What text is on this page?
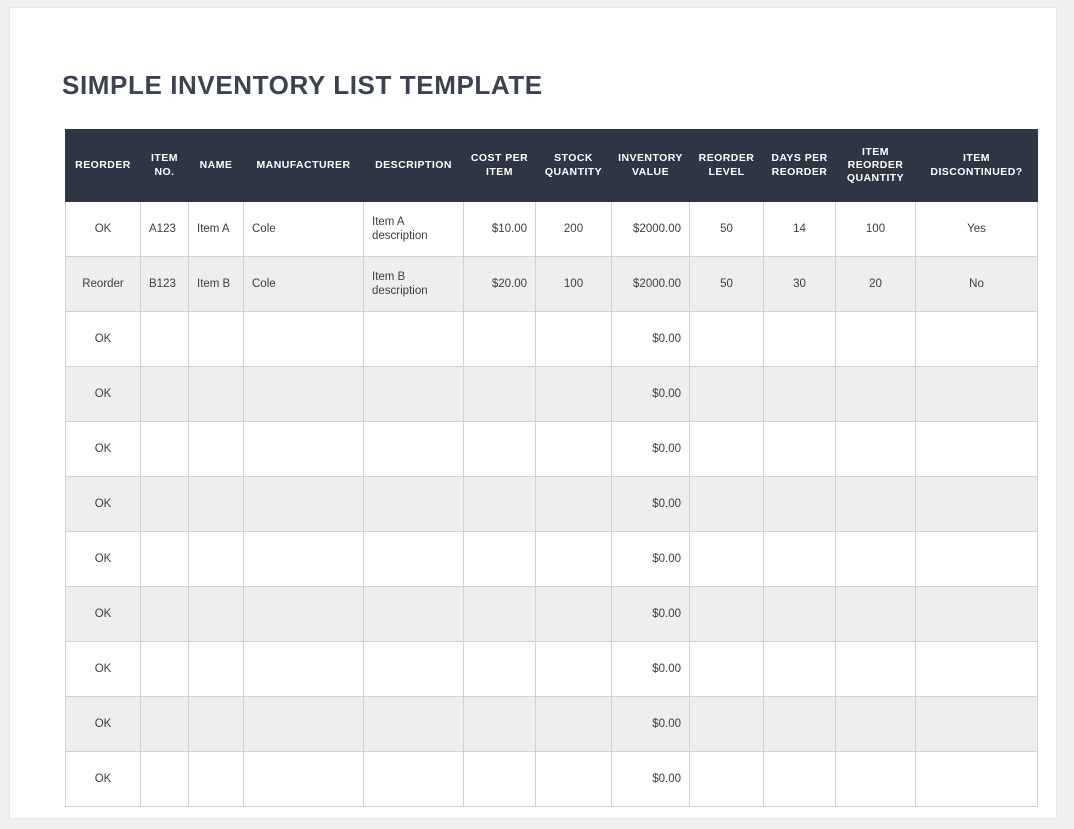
SIMPLE INVENTORY LIST TEMPLATE
REORDER	ITEM NO.	NAME	MANUFACTURER	DESCRIPTION	COST PER ITEM	STOCK QUANTITY	INVENTORY VALUE	REORDER LEVEL	DAYS PER REORDER	ITEM REORDER QUANTITY	ITEM DISCONTINUED?
OK	A123	Item A	Cole	Item A description	$10.00	200	$2000.00	50	14	100	Yes
Reorder	B123	Item B	Cole	Item B description	$20.00	100	$2000.00	50	30	20	No
OK							$0.00				
OK							$0.00				
OK							$0.00				
OK							$0.00				
OK							$0.00				
OK							$0.00				
OK							$0.00				
OK							$0.00				
OK							$0.00				
